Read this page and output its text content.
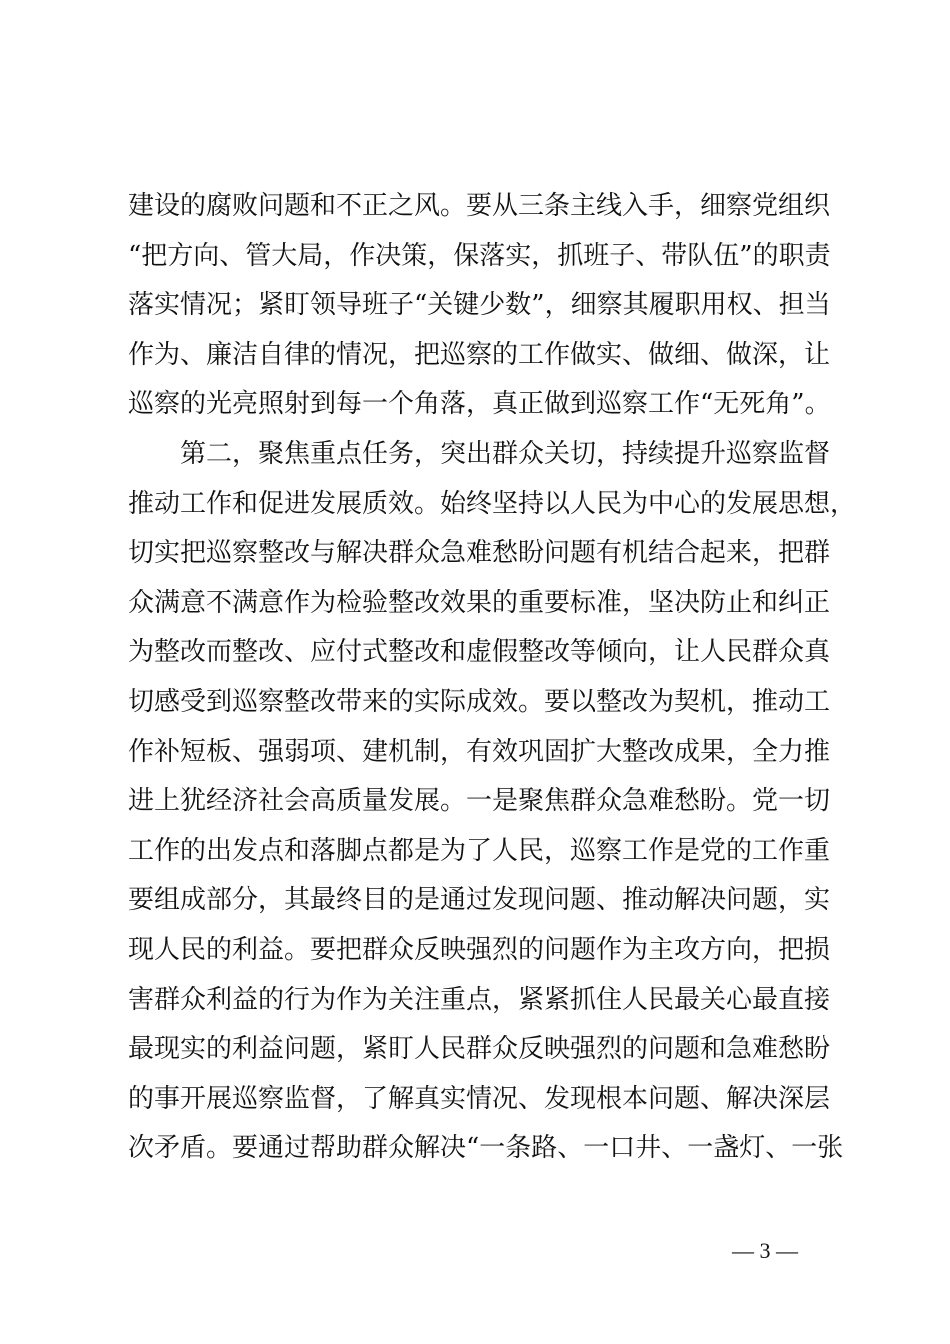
建设的腐败问题和不正之风。要从三条主线入手，细察党组织
“把方向、管大局，作决策，保落实，抓班子、带队伍”的职责
落实情况；紧盯领导班子“关键少数”，细察其履职用权、担当
作为、廉洁自律的情况，把巡察的工作做实、做细、做深，让
巡察的光亮照射到每一个角落，真正做到巡察工作“无死角”。
第二，聚焦重点任务，突出群众关切，持续提升巡察监督
推动工作和促进发展质效。始终坚持以人民为中心的发展思想，
切实把巡察整改与解决群众急难愁盼问题有机结合起来，把群
众满意不满意作为检验整改效果的重要标准，坚决防止和纠正
为整改而整改、应付式整改和虚假整改等倾向，让人民群众真
切感受到巡察整改带来的实际成效。要以整改为契机，推动工
作补短板、强弱项、建机制，有效巩固扩大整改成果，全力推
进上犹经济社会高质量发展。一是聚焦群众急难愁盼。党一切
工作的出发点和落脚点都是为了人民，巡察工作是党的工作重
要组成部分，其最终目的是通过发现问题、推动解决问题，实
现人民的利益。要把群众反映强烈的问题作为主攻方向，把损
害群众利益的行为作为关注重点，紧紧抓住人民最关心最直接
最现实的利益问题，紧盯人民群众反映强烈的问题和急难愁盼
的事开展巡察监督，了解真实情况、发现根本问题、解决深层
次矛盾。要通过帮助群众解决“一条路、一口井、一盏灯、一张
— 3 —
